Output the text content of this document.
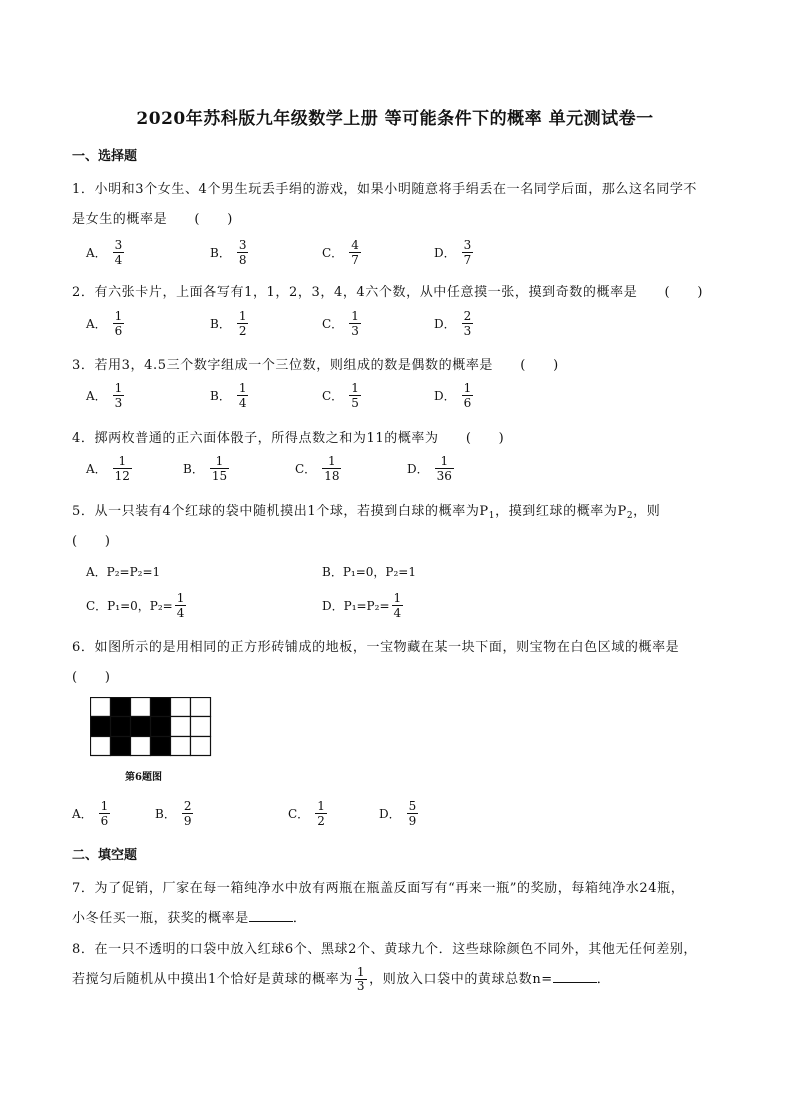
2020年苏科版九年级数学上册 等可能条件下的概率 单元测试卷一
一、选择题
1．小明和3个女生、4个男生玩丢手绢的游戏，如果小明随意将手绢丢在一名同学后面，那么这名同学不
是女生的概率是　　(　　)
A． $\frac{3}{4}$	B． $\frac{3}{8}$	C． $\frac{4}{7}$	D． $\frac{3}{7}$
2．有六张卡片，上面各写有1，1，2，3，4，4六个数，从中任意摸一张，摸到奇数的概率是　　(　　)
A． $\frac{1}{6}$	B． $\frac{1}{2}$	C． $\frac{1}{3}$	D． $\frac{2}{3}$
3．若用3，4.5三个数字组成一个三位数，则组成的数是偶数的概率是　　(　　)
A． $\frac{1}{3}$	B． $\frac{1}{4}$	C． $\frac{1}{5}$	D． $\frac{1}{6}$
4．掷两枚普通的正六面体骰子，所得点数之和为11的概率为　　(　　)
A． $\frac{1}{12}$	B． $\frac{1}{15}$	C． $\frac{1}{18}$	D． $\frac{1}{36}$
5．从一只装有4个红球的袋中随机摸出1个球，若摸到白球的概率为$P_1$，摸到红球的概率为$P_2$，则
(　　)
A．P₂=P₂=1	B．P₁=0，P₂=1
C．P₁=0，$P_2= \frac{1}{4}$	D．$P_1=P_2= \frac{1}{4}$
6．如图所示的是用相同的正方形砖铺成的地板，一宝物藏在某一块下面，则宝物在白色区域的概率是
(　　)
第6题图
A． $\frac{1}{6}$	B． $\frac{2}{9}$	C． $\frac{1}{2}$	D． $\frac{5}{9}$
二、填空题
7．为了促销，厂家在每一箱纯净水中放有两瓶在瓶盖反面写有“再来一瓶”的奖励，每箱纯净水24瓶，
小冬任买一瓶，获奖的概率是	．
8．在一只不透明的口袋中放入红球6个、黑球2个、黄球九个．这些球除颜色不同外，其他无任何差别，
若搅匀后随机从中摸出1个恰好是黄球的概率为 $\frac{1}{3}$ ，则放入口袋中的黄球总数n=	．
